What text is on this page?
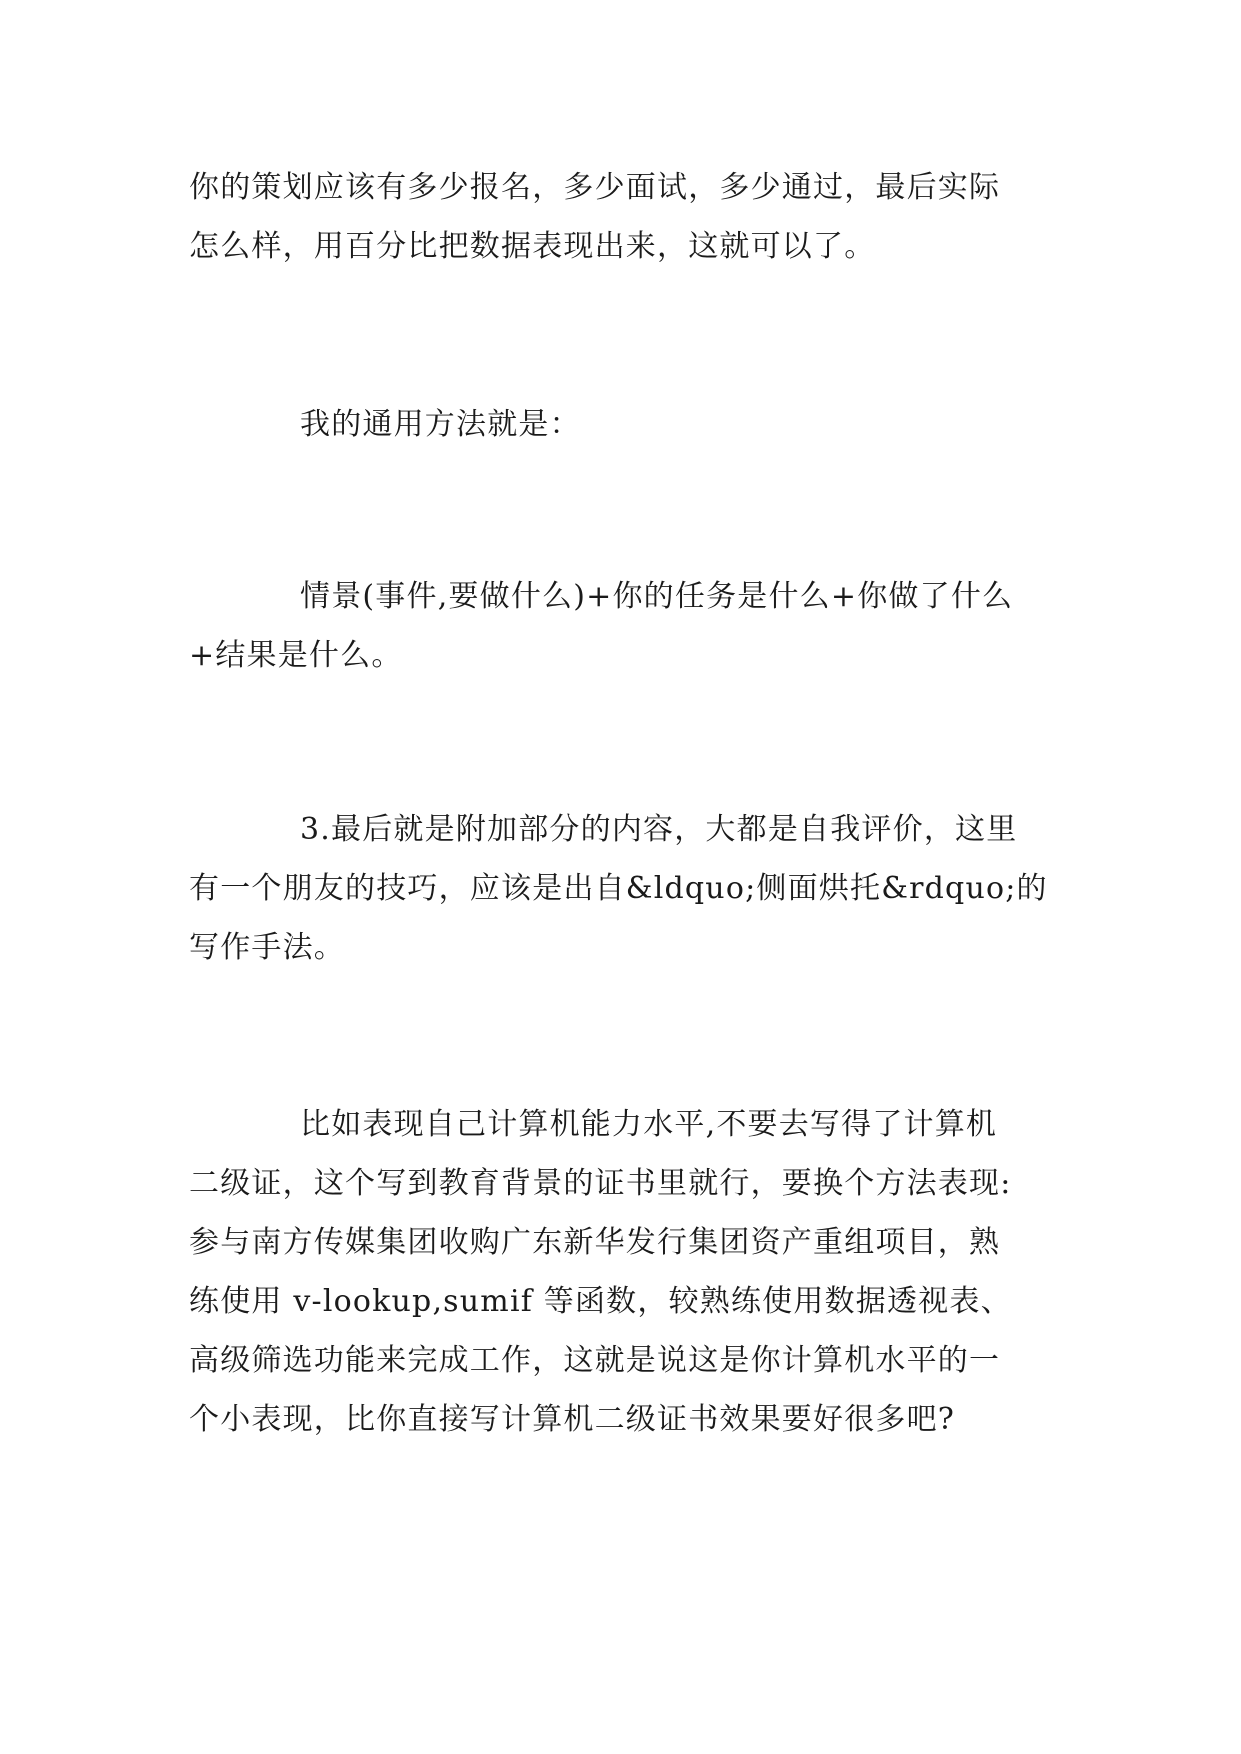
你的策划应该有多少报名，多少面试，多少通过，最后实际
怎么样，用百分比把数据表现出来，这就可以了。

我的通用方法就是：

情景(事件,要做什么)+你的任务是什么+你做了什么
+结果是什么。

3.最后就是附加部分的内容，大都是自我评价，这里
有一个朋友的技巧，应该是出自&ldquo;侧面烘托&rdquo;的
写作手法。

比如表现自己计算机能力水平,不要去写得了计算机
二级证，这个写到教育背景的证书里就行，要换个方法表现:
参与南方传媒集团收购广东新华发行集团资产重组项目，熟
练使用 v-lookup,sumif 等函数，较熟练使用数据透视表、
高级筛选功能来完成工作，这就是说这是你计算机水平的一
个小表现，比你直接写计算机二级证书效果要好很多吧?
